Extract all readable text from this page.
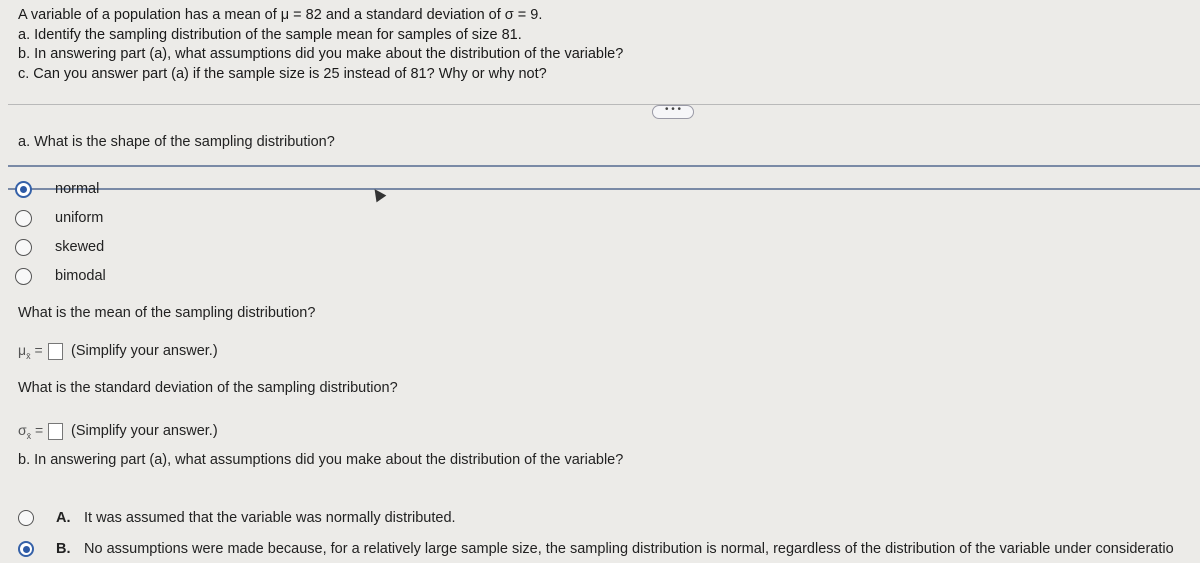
A variable of a population has a mean of μ = 82 and a standard deviation of σ = 9.
a. Identify the sampling distribution of the sample mean for samples of size 81.
b. In answering part (a), what assumptions did you make about the distribution of the variable?
c. Can you answer part (a) if the sample size is 25 instead of 81? Why or why not?
• • •
a. What is the shape of the sampling distribution?
normal
uniform
skewed
bimodal
What is the mean of the sampling distribution?
$\mu_{x̄}$ =	(Simplify your answer.)
What is the standard deviation of the sampling distribution?
$\sigma_{x̄}$ =	(Simplify your answer.)
b. In answering part (a), what assumptions did you make about the distribution of the variable?
A. It was assumed that the variable was normally distributed.
B. No assumptions were made because, for a relatively large sample size, the sampling distribution is normal, regardless of the distribution of the variable under consideratio
